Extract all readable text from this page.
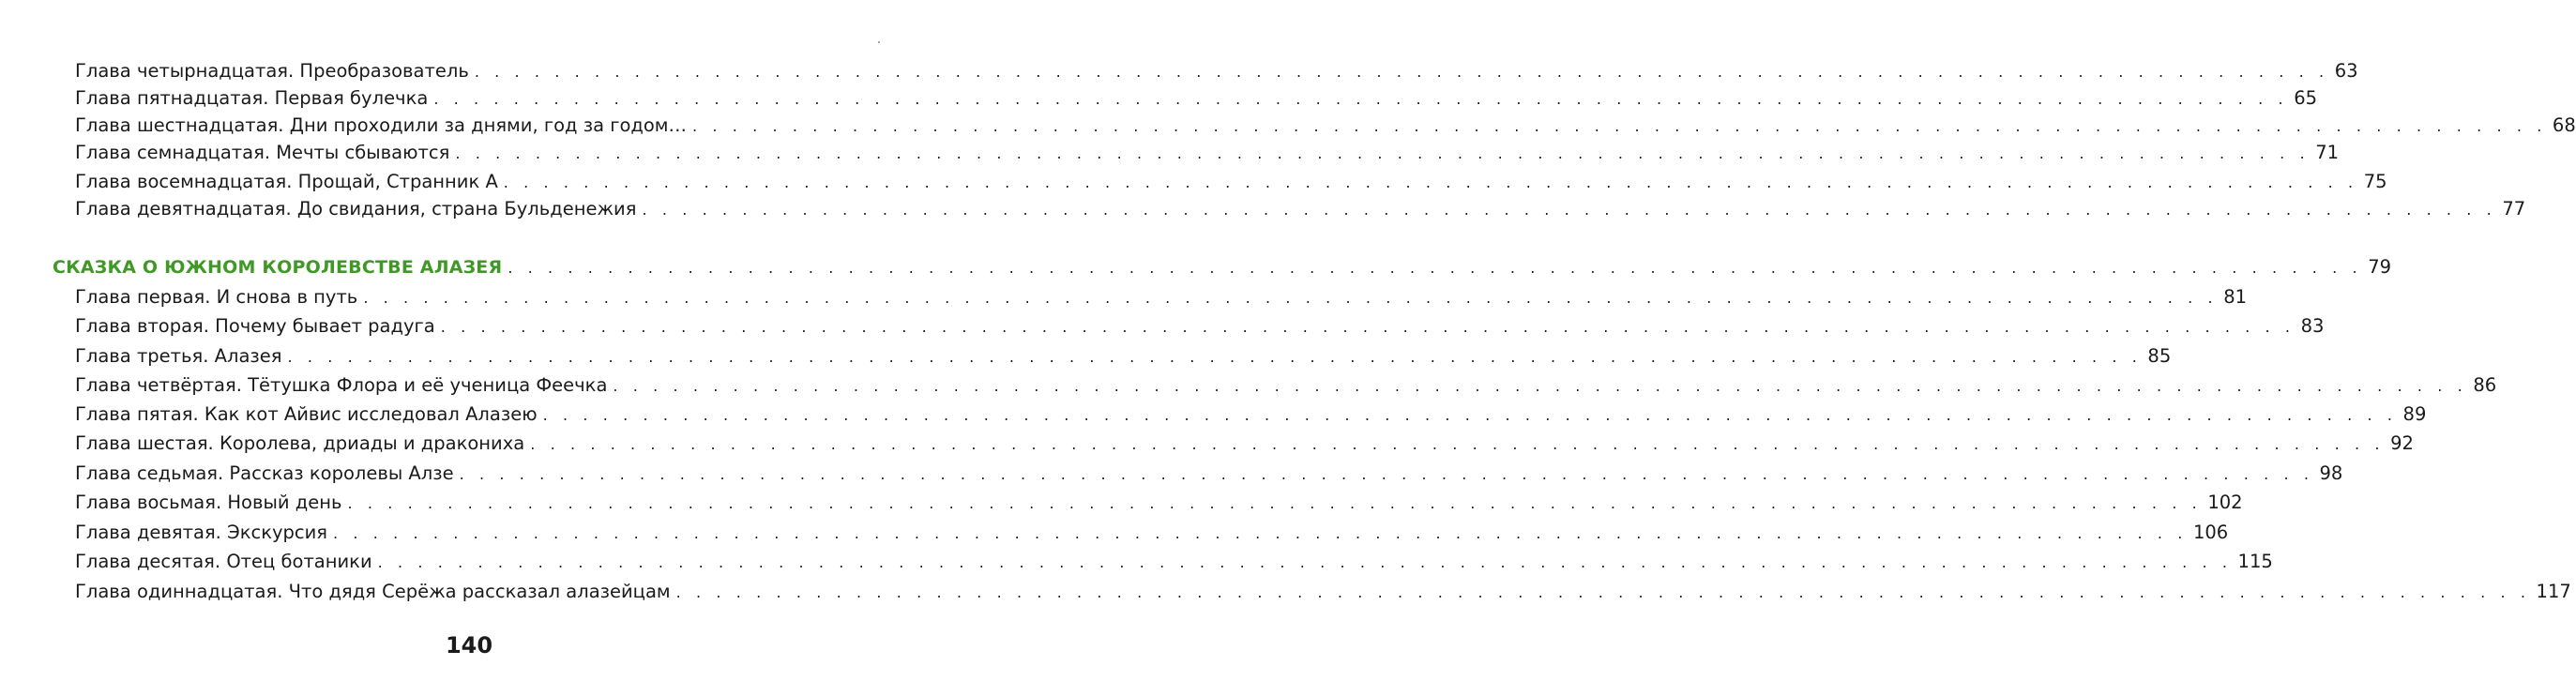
Глава четырнадцатая. Преобразователь . . . . . . . . . . . . . . . . . . . . . . . . . . . . . . . . . . . . . . . . . . . . . . . . . . . . . . . . . . . . . . . . . . . . . . . . . . . . . . . . . . . . . . . . . . . . . 63
Глава пятнадцатая. Первая булечка . . . . . . . . . . . . . . . . . . . . . . . . . . . . . . . . . . . . . . . . . . . . . . . . . . . . . . . . . . . . . . . . . . . . . . . . . . . . . . . . . . . . . . . . . . . . . 65
Глава шестнадцатая. Дни проходили за днями, год за годом… . . . . . . . . . . . . . . . . . . . . . . . . . . . . . . . . . . . . . . . . . . . . . . . . . . . . . . . . . . . . . . . . . . . . . . . . . . . . . . . . . . . . . . . . . . . . . 68
Глава семнадцатая. Мечты сбываются . . . . . . . . . . . . . . . . . . . . . . . . . . . . . . . . . . . . . . . . . . . . . . . . . . . . . . . . . . . . . . . . . . . . . . . . . . . . . . . . . . . . . . . . . . . . . 71
Глава восемнадцатая. Прощай, Странник А . . . . . . . . . . . . . . . . . . . . . . . . . . . . . . . . . . . . . . . . . . . . . . . . . . . . . . . . . . . . . . . . . . . . . . . . . . . . . . . . . . . . . . . . . . . . . 75
Глава девятнадцатая. До свидания, страна Бульденежия . . . . . . . . . . . . . . . . . . . . . . . . . . . . . . . . . . . . . . . . . . . . . . . . . . . . . . . . . . . . . . . . . . . . . . . . . . . . . . . . . . . . . . . . . . . . . 77
СКАЗКА О ЮЖНОМ КОРОЛЕВСТВЕ АЛАЗЕЯ . . . . . . . . . . . . . . . . . . . . . . . . . . . . . . . . . . . . . . . . . . . . . . . . . . . . . . . . . . . . . . . . . . . . . . . . . . . . . . . . . . . . . . . . . . . . . 79
Глава первая. И снова в путь . . . . . . . . . . . . . . . . . . . . . . . . . . . . . . . . . . . . . . . . . . . . . . . . . . . . . . . . . . . . . . . . . . . . . . . . . . . . . . . . . . . . . . . . . . . . . 81
Глава вторая. Почему бывает радуга . . . . . . . . . . . . . . . . . . . . . . . . . . . . . . . . . . . . . . . . . . . . . . . . . . . . . . . . . . . . . . . . . . . . . . . . . . . . . . . . . . . . . . . . . . . . . 83
Глава третья. Алазея . . . . . . . . . . . . . . . . . . . . . . . . . . . . . . . . . . . . . . . . . . . . . . . . . . . . . . . . . . . . . . . . . . . . . . . . . . . . . . . . . . . . . . . . . . . . . 85
Глава четвёртая. Тётушка Флора и её ученица Феечка . . . . . . . . . . . . . . . . . . . . . . . . . . . . . . . . . . . . . . . . . . . . . . . . . . . . . . . . . . . . . . . . . . . . . . . . . . . . . . . . . . . . . . . . . . . . . 86
Глава пятая. Как кот Айвис исследовал Алазею . . . . . . . . . . . . . . . . . . . . . . . . . . . . . . . . . . . . . . . . . . . . . . . . . . . . . . . . . . . . . . . . . . . . . . . . . . . . . . . . . . . . . . . . . . . . . 89
Глава шестая. Королева, дриады и дракониха . . . . . . . . . . . . . . . . . . . . . . . . . . . . . . . . . . . . . . . . . . . . . . . . . . . . . . . . . . . . . . . . . . . . . . . . . . . . . . . . . . . . . . . . . . . . . 92
Глава седьмая. Рассказ королевы Алзе . . . . . . . . . . . . . . . . . . . . . . . . . . . . . . . . . . . . . . . . . . . . . . . . . . . . . . . . . . . . . . . . . . . . . . . . . . . . . . . . . . . . . . . . . . . . . 98
Глава восьмая. Новый день . . . . . . . . . . . . . . . . . . . . . . . . . . . . . . . . . . . . . . . . . . . . . . . . . . . . . . . . . . . . . . . . . . . . . . . . . . . . . . . . . . . . . . . . . . . . . 102
Глава девятая. Экскурсия . . . . . . . . . . . . . . . . . . . . . . . . . . . . . . . . . . . . . . . . . . . . . . . . . . . . . . . . . . . . . . . . . . . . . . . . . . . . . . . . . . . . . . . . . . . . . 106
Глава десятая. Отец ботаники . . . . . . . . . . . . . . . . . . . . . . . . . . . . . . . . . . . . . . . . . . . . . . . . . . . . . . . . . . . . . . . . . . . . . . . . . . . . . . . . . . . . . . . . . . . . . 115
Глава одиннадцатая. Что дядя Серёжа рассказал алазейцам . . . . . . . . . . . . . . . . . . . . . . . . . . . . . . . . . . . . . . . . . . . . . . . . . . . . . . . . . . . . . . . . . . . . . . . . . . . . . . . . . . . . . . . . . . . . . 117
140
